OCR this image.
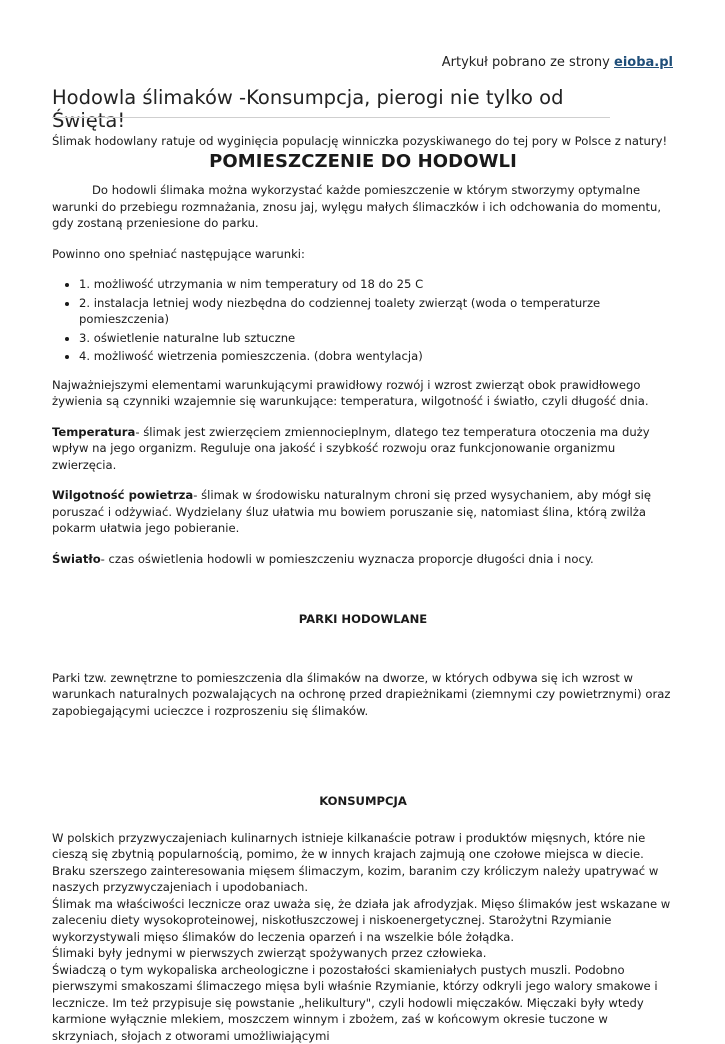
Artykuł pobrano ze strony eioba.pl
Hodowla ślimaków -Konsumpcja, pierogi nie tylko od Święta!

Ślimak hodowlany ratuje od wyginięcia populację winniczka pozyskiwanego do tej pory w Polsce z natury!

POMIESZCZENIE DO HODOWLI

Do hodowli ślimaka można wykorzystać każde pomieszczenie w którym stworzymy optymalne warunki do przebiegu rozmnażania, znosu jaj, wylęgu małych ślimaczków i ich odchowania do momentu, gdy zostaną przeniesione do parku.

Powinno ono spełniać następujące warunki:

• 1. możliwość utrzymania w nim temperatury od 18 do 25 C
• 2. instalacja letniej wody niezbędna do codziennej toalety zwierząt (woda o temperaturze pomieszczenia)
• 3. oświetlenie naturalne lub sztuczne
• 4. możliwość wietrzenia pomieszczenia. (dobra wentylacja)

Najważniejszymi elementami warunkującymi prawidłowy rozwój i wzrost zwierząt obok prawidłowego żywienia są czynniki wzajemnie się warunkujące: temperatura, wilgotność i światło, czyli długość dnia.

Temperatura- ślimak jest zwierzęciem zmiennocieplnym, dlatego tez temperatura otoczenia ma duży wpływ na jego organizm. Reguluje ona jakość i szybkość rozwoju oraz funkcjonowanie organizmu zwierzęcia.

Wilgotność powietrza- ślimak w środowisku naturalnym chroni się przed wysychaniem, aby mógł się poruszać i odżywiać. Wydzielany śluz ułatwia mu bowiem poruszanie się, natomiast ślina, którą zwilża pokarm ułatwia jego pobieranie.

Światło- czas oświetlenia hodowli w pomieszczeniu wyznacza proporcje długości dnia i nocy.

PARKI HODOWLANE

Parki tzw. zewnętrzne to pomieszczenia dla ślimaków na dworze, w których odbywa się ich wzrost w warunkach naturalnych pozwalających na ochronę przed drapieżnikami (ziemnymi czy powietrznymi) oraz zapobiegającymi ucieczce i rozproszeniu się ślimaków.

KONSUMPCJA

W polskich przyzwyczajeniach kulinarnych istnieje kilkanaście potraw i produktów mięsnych, które nie cieszą się zbytnią popularnością, pomimo, że w innych krajach zajmują one czołowe miejsca w diecie. Braku szerszego zainteresowania mięsem ślimaczym, kozim, baranim czy króliczym należy upatrywać w naszych przyzwyczajeniach i upodobaniach.

Ślimak ma właściwości lecznicze oraz uważa się, że działa jak afrodyzjak. Mięso ślimaków jest wskazane w zaleceniu diety wysokoproteinowej, niskotłuszczowej i niskoenergetycznej. Starożytni Rzymianie wykorzystywali mięso ślimaków do leczenia oparzeń i na wszelkie bóle żołądka.

Ślimaki były jednymi w pierwszych zwierząt spożywanych przez człowieka.

Świadczą o tym wykopaliska archeologiczne i pozostałości skamieniałych pustych muszli. Podobno pierwszymi smakoszami ślimaczego mięsa byli właśnie Rzymianie, którzy odkryli jego walory smakowe i lecznicze. Im też przypisuje się powstanie „helikultury", czyli hodowli mięczaków. Mięczaki były wtedy karmione wyłącznie mlekiem, moszczem winnym i zbożem, zaś w końcowym okresie tuczone w skrzyniach, słojach z otworami umożliwiającymi
